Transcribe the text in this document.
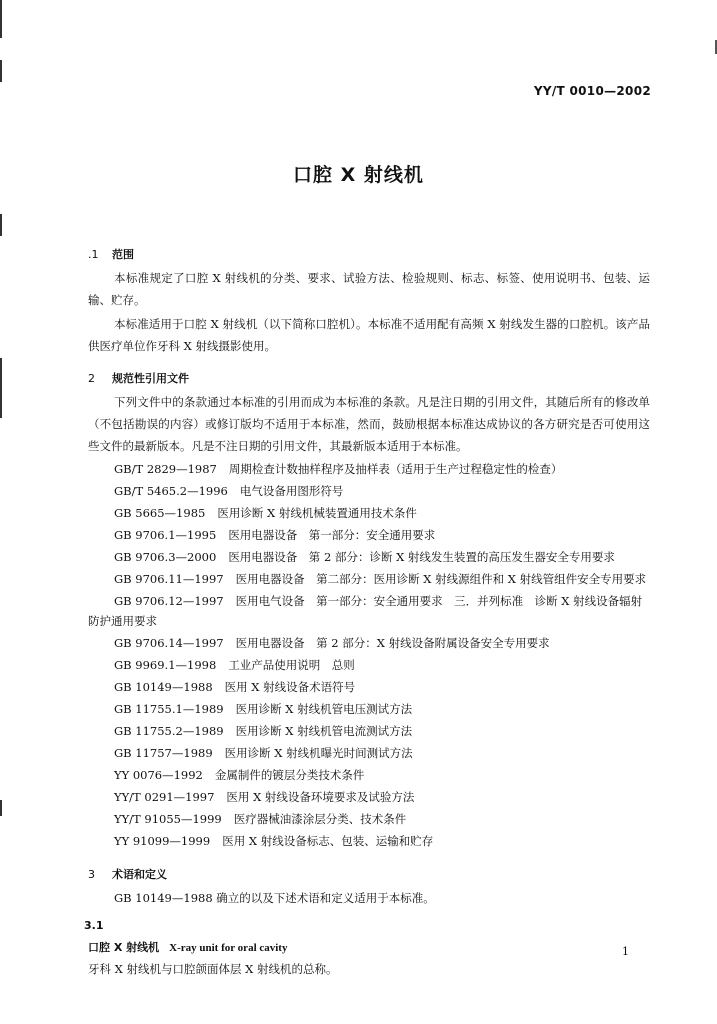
YY/T 0010—2002
口腔 X 射线机
.1 范围

本标准规定了口腔 X 射线机的分类、要求、试验方法、检验规则、标志、标签、使用说明书、包装、运输、贮存。

本标准适用于口腔 X 射线机（以下简称口腔机）。本标准不适用配有高频 X 射线发生器的口腔机。该产品供医疗单位作牙科 X 射线摄影使用。

2 规范性引用文件

下列文件中的条款通过本标准的引用而成为本标准的条款。凡是注日期的引用文件，其随后所有的修改单（不包括勘误的内容）或修订版均不适用于本标准，然而，鼓励根据本标准达成协议的各方研究是否可使用这些文件的最新版本。凡是不注日期的引用文件，其最新版本适用于本标准。

GB/T 2829—1987 周期检查计数抽样程序及抽样表（适用于生产过程稳定性的检查）
GB/T 5465.2—1996 电气设备用图形符号
GB 5665—1985 医用诊断 X 射线机械装置通用技术条件
GB 9706.1—1995 医用电器设备　第一部分：安全通用要求
GB 9706.3—2000 医用电器设备　第 2 部分：诊断 X 射线发生装置的高压发生器安全专用要求
GB 9706.11—1997 医用电器设备　第二部分：医用诊断 X 射线源组件和 X 射线管组件安全专用要求
GB 9706.12—1997 医用电气设备　第一部分：安全通用要求　三．并列标准　诊断 X 射线设备辐射防护通用要求
GB 9706.14—1997 医用电器设备　第 2 部分：X 射线设备附属设备安全专用要求
GB 9969.1—1998 工业产品使用说明　总则
GB 10149—1988 医用 X 射线设备术语符号
GB 11755.1—1989 医用诊断 X 射线机管电压测试方法
GB 11755.2—1989 医用诊断 X 射线机管电流测试方法
GB 11757—1989 医用诊断 X 射线机曝光时间测试方法
YY 0076—1992 金属制件的镀层分类技术条件
YY/T 0291—1997 医用 X 射线设备环境要求及试验方法
YY/T 91055—1999 医疗器械油漆涂层分类、技术条件
YY 91099—1999 医用 X 射线设备标志、包装、运输和贮存
3 术语和定义

GB 10149—1988 确立的以及下述术语和定义适用于本标准。

3.1
口腔 X 射线机 X-ray unit for oral cavity
牙科 X 射线机与口腔颌面体层 X 射线机的总称。
1
